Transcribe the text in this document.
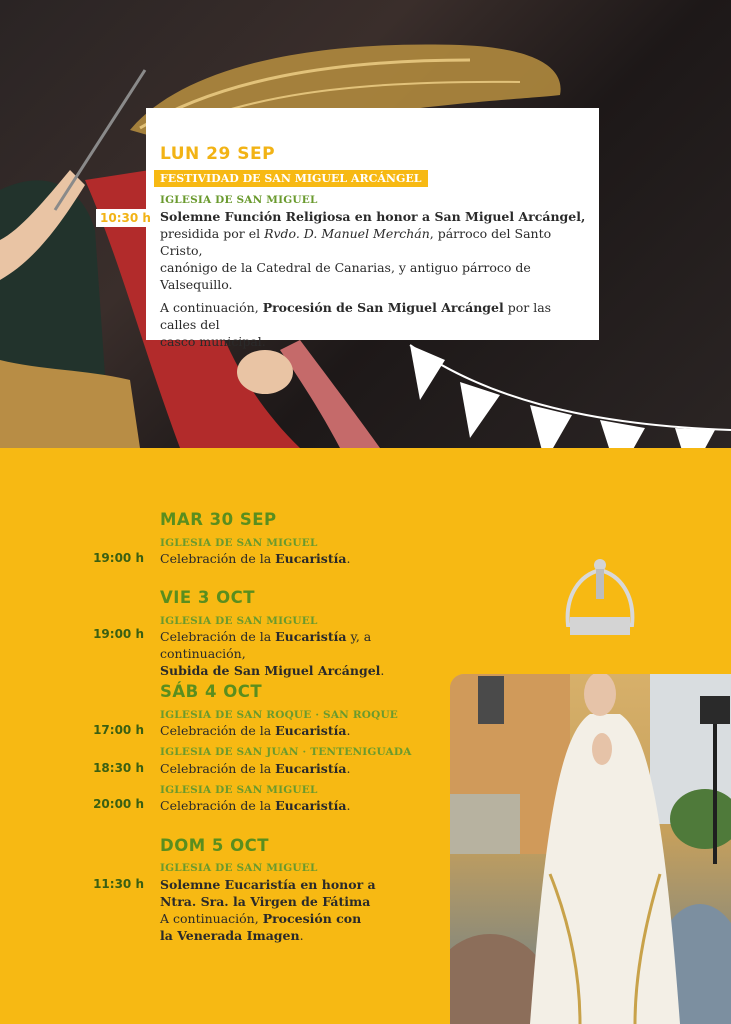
LUN 29 SEP
FESTIVIDAD DE SAN MIGUEL ARCÁNGEL
IGLESIA DE SAN MIGUEL
10:30 h Solemne Función Religiosa en honor a San Miguel Arcángel,
presidida por el Rvdo. D. Manuel Merchán, párroco del Santo Cristo,
canónigo de la Catedral de Canarias, y antiguo párroco de Valsequillo.
A continuación, Procesión de San Miguel Arcángel por las calles del
casco municipal.
MAR 30 SEP
IGLESIA DE SAN MIGUEL
19:00 h Celebración de la Eucaristía.
VIE 3 OCT
IGLESIA DE SAN MIGUEL
19:00 h Celebración de la Eucaristía y, a continuación,
Subida de San Miguel Arcángel.
SÁB 4 OCT
IGLESIA DE SAN ROQUE · SAN ROQUE
17:00 h Celebración de la Eucaristía.
IGLESIA DE SAN JUAN · TENTENIGUADA
18:30 h Celebración de la Eucaristía.
IGLESIA DE SAN MIGUEL
20:00 h Celebración de la Eucaristía.
DOM 5 OCT
IGLESIA DE SAN MIGUEL
11:30 h Solemne Eucaristía en honor a
Ntra. Sra. la Virgen de Fátima
A continuación, Procesión con
la Venerada Imagen.
